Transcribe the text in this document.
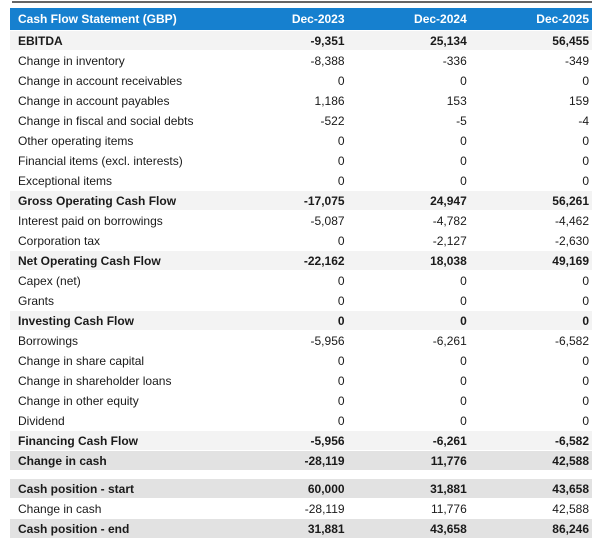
Cash Flow Statement (GBP)	Dec-2023	Dec-2024	Dec-2025
EBITDA	-9,351	25,134	56,455
Change in inventory	-8,388	-336	-349
Change in account receivables	0	0	0
Change in account payables	1,186	153	159
Change in fiscal and social debts	-522	-5	-4
Other operating items	0	0	0
Financial items (excl. interests)	0	0	0
Exceptional items	0	0	0
Gross Operating Cash Flow	-17,075	24,947	56,261
Interest paid on borrowings	-5,087	-4,782	-4,462
Corporation tax	0	-2,127	-2,630
Net Operating Cash Flow	-22,162	18,038	49,169
Capex (net)	0	0	0
Grants	0	0	0
Investing Cash Flow	0	0	0
Borrowings	-5,956	-6,261	-6,582
Change in share capital	0	0	0
Change in shareholder loans	0	0	0
Change in other equity	0	0	0
Dividend	0	0	0
Financing Cash Flow	-5,956	-6,261	-6,582
Change in cash	-28,119	11,776	42,588

Cash position - start	60,000	31,881	43,658
Change in cash	-28,119	11,776	42,588
Cash position - end	31,881	43,658	86,246
